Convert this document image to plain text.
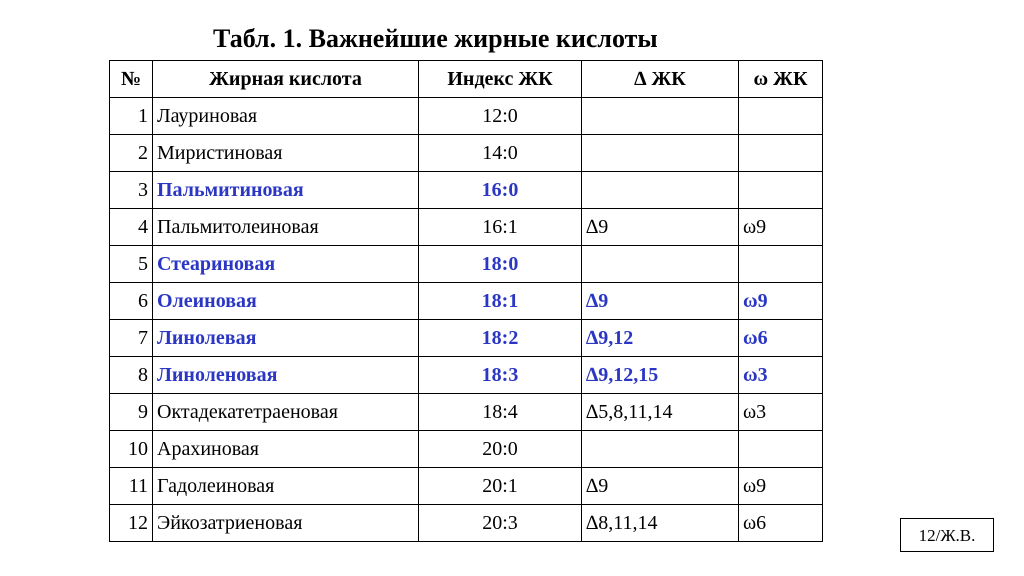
Табл. 1. Важнейшие жирные кислоты
№	Жирная кислота	Индекс ЖК	∆ ЖК	ω ЖК
1	Лауриновая	12:0		
2	Миристиновая	14:0		
3	Пальмитиновая	16:0		
4	Пальмитолеиновая	16:1	∆9	ω9
5	Стеариновая	18:0		
6	Олеиновая	18:1	∆9	ω9
7	Линолевая	18:2	∆9,12	ω6
8	Линоленовая	18:3	∆9,12,15	ω3
9	Октадекатетраеновая	18:4	∆5,8,11,14	ω3
10	Арахиновая	20:0		
11	Гадолеиновая	20:1	∆9	ω9
12	Эйкозатриеновая	20:3	∆8,11,14	ω6
12/Ж.В.
